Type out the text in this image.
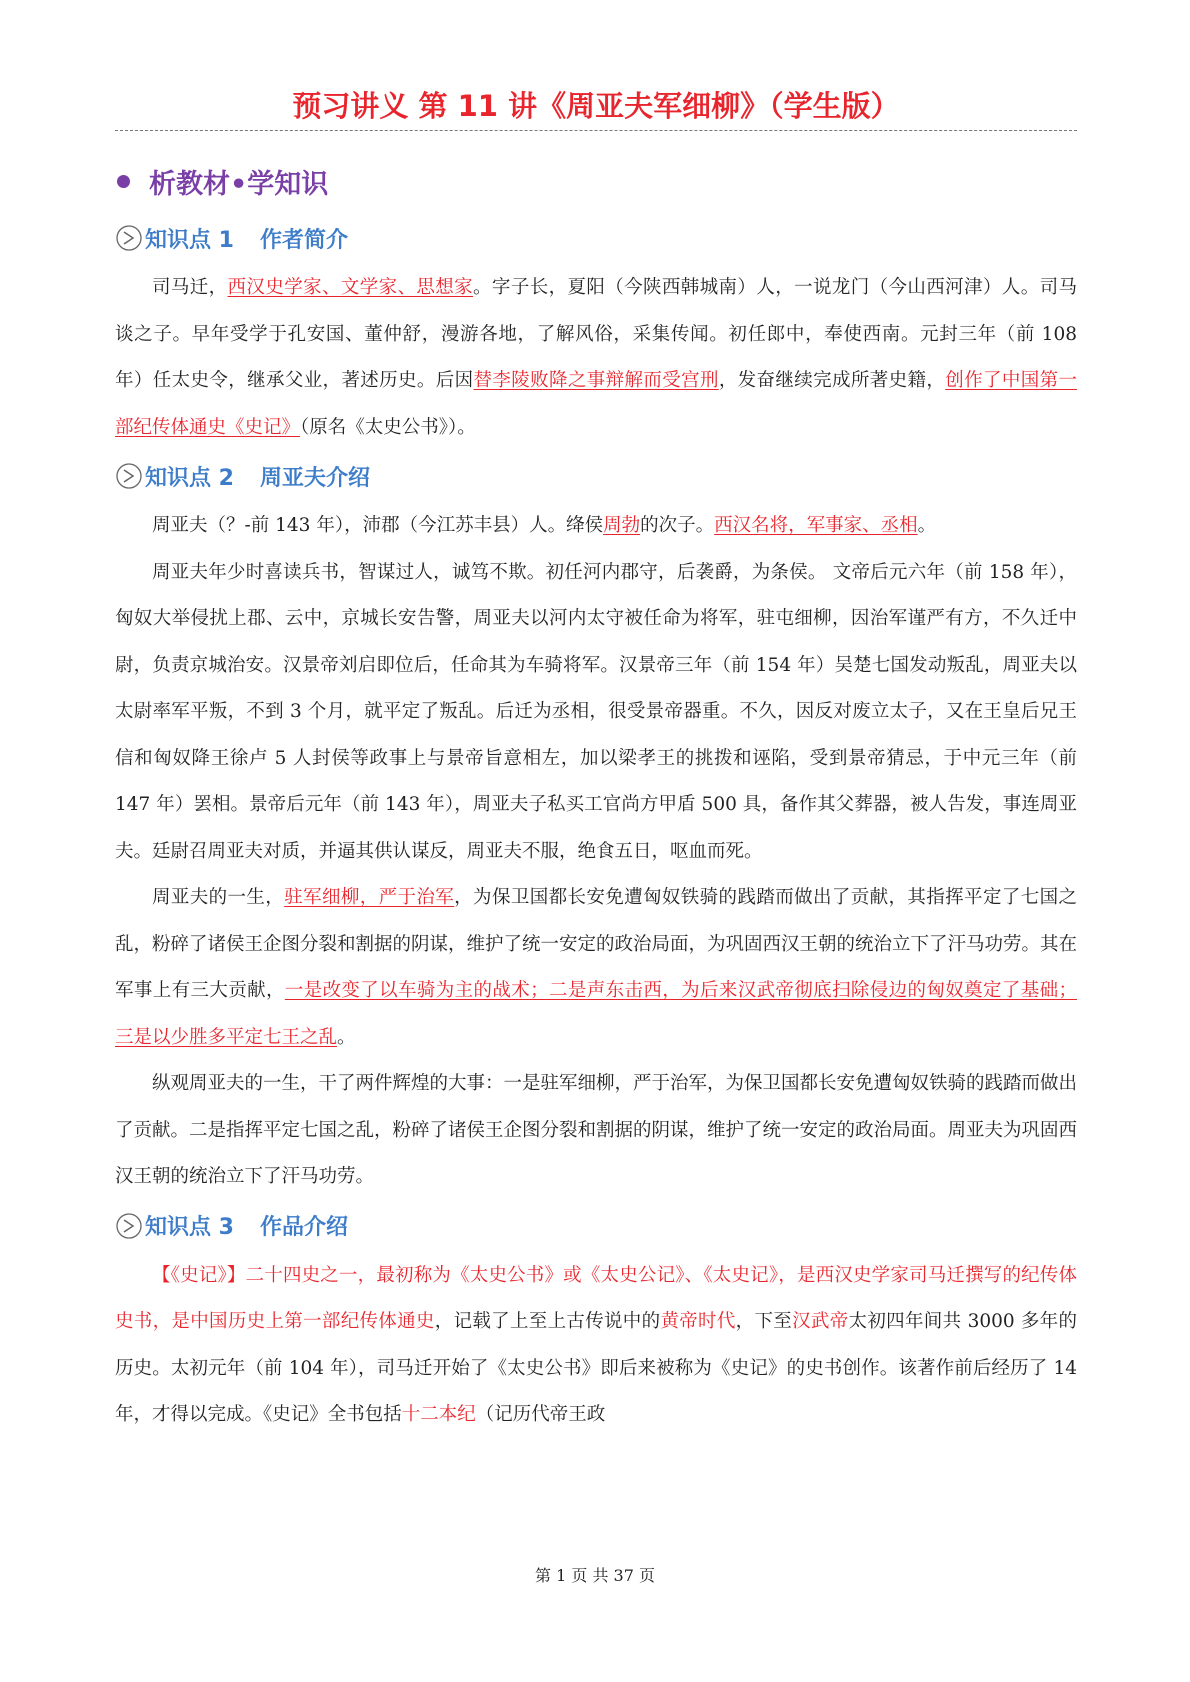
预习讲义 第 11 讲《周亚夫军细柳》（学生版）
析教材•学知识
知识点 1 作者简介

司马迁，西汉史学家、文学家、思想家。字子长，夏阳（今陕西韩城南）人，一说龙门（今山西河津）人。司马谈之子。早年受学于孔安国、董仲舒，漫游各地，了解风俗，采集传闻。初任郎中，奉使西南。元封三年（前 108 年）任太史令，继承父业，著述历史。后因替李陵败降之事辩解而受宫刑，发奋继续完成所著史籍，创作了中国第一部纪传体通史《史记》（原名《太史公书》）。

知识点 2 周亚夫介绍

周亚夫（？-前 143 年），沛郡（今江苏丰县）人。绛侯周勃的次子。西汉名将，军事家、丞相。

周亚夫年少时喜读兵书，智谋过人，诚笃不欺。初任河内郡守，后袭爵，为条侯。 文帝后元六年（前 158 年），匈奴大举侵扰上郡、云中，京城长安告警，周亚夫以河内太守被任命为将军，驻屯细柳，因治军谨严有方，不久迁中尉，负责京城治安。汉景帝刘启即位后，任命其为车骑将军。汉景帝三年（前 154 年）吴楚七国发动叛乱，周亚夫以太尉率军平叛，不到 3 个月，就平定了叛乱。后迁为丞相，很受景帝器重。不久，因反对废立太子，又在王皇后兄王信和匈奴降王徐卢 5 人封侯等政事上与景帝旨意相左，加以梁孝王的挑拨和诬陷，受到景帝猜忌，于中元三年（前 147 年）罢相。景帝后元年（前 143 年），周亚夫子私买工官尚方甲盾 500 具，备作其父葬器，被人告发，事连周亚夫。廷尉召周亚夫对质，并逼其供认谋反，周亚夫不服，绝食五日，呕血而死。

周亚夫的一生，驻军细柳，严于治军，为保卫国都长安免遭匈奴铁骑的践踏而做出了贡献，其指挥平定了七国之乱，粉碎了诸侯王企图分裂和割据的阴谋，维护了统一安定的政治局面，为巩固西汉王朝的统治立下了汗马功劳。其在军事上有三大贡献，一是改变了以车骑为主的战术；二是声东击西，为后来汉武帝彻底扫除侵边的匈奴奠定了基础；三是以少胜多平定七王之乱。

纵观周亚夫的一生，干了两件辉煌的大事：一是驻军细柳，严于治军，为保卫国都长安免遭匈奴铁骑的践踏而做出了贡献。二是指挥平定七国之乱，粉碎了诸侯王企图分裂和割据的阴谋，维护了统一安定的政治局面。周亚夫为巩固西汉王朝的统治立下了汗马功劳。

知识点 3 作品介绍

【《史记》】二十四史之一，最初称为《太史公书》或《太史公记》、《太史记》，是西汉史学家司马迁撰写的纪传体史书，是中国历史上第一部纪传体通史，记载了上至上古传说中的黄帝时代，下至汉武帝太初四年间共 3000 多年的历史。太初元年（前 104 年），司马迁开始了《太史公书》即后来被称为《史记》的史书创作。该著作前后经历了 14 年，才得以完成。《史记》全书包括十二本纪（记历代帝王政

第 1 页 共 37 页
